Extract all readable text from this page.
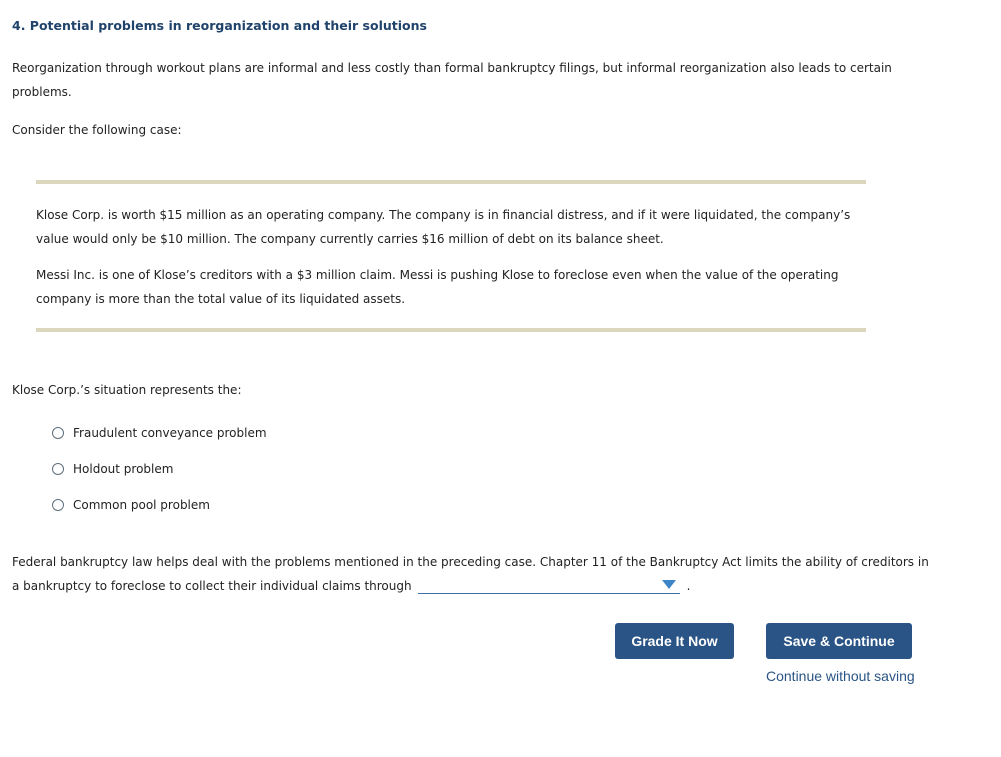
4. Potential problems in reorganization and their solutions
Reorganization through workout plans are informal and less costly than formal bankruptcy filings, but informal reorganization also leads to certain problems.
Consider the following case:
Klose Corp. is worth $15 million as an operating company. The company is in financial distress, and if it were liquidated, the company’s value would only be $10 million. The company currently carries $16 million of debt on its balance sheet.
Messi Inc. is one of Klose’s creditors with a $3 million claim. Messi is pushing Klose to foreclose even when the value of the operating company is more than the total value of its liquidated assets.
Klose Corp.’s situation represents the:
Fraudulent conveyance problem
Holdout problem
Common pool problem
Federal bankruptcy law helps deal with the problems mentioned in the preceding case. Chapter 11 of the Bankruptcy Act limits the ability of creditors in a bankruptcy to foreclose to collect their individual claims through	.
Grade It Now	Save & Continue
Continue without saving
